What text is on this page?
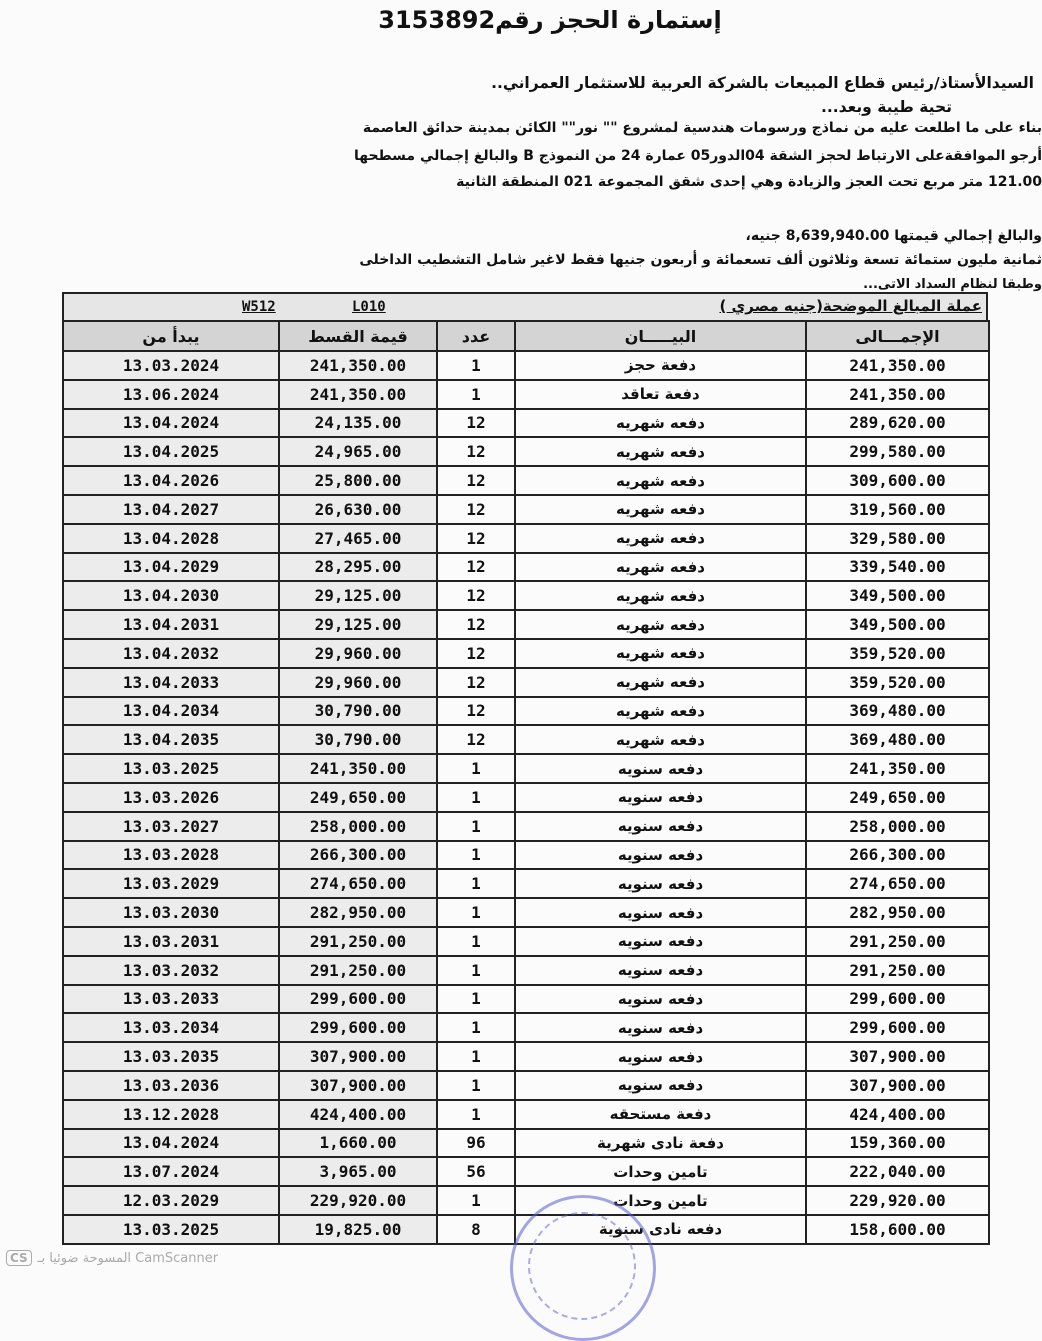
إستمارة الحجز رقم3153892
السيدالأستاذ/رئيس قطاع المبيعات بالشركة العربية للاستثمار العمراني..
تحية طيبة وبعد...
بناء على ما اطلعت عليه من نماذج ورسومات هندسية لمشروع "" نور"" الكائن بمدينة حدائق العاصمة
أرجو الموافقةعلى الارتباط لحجز الشقة 04الدور05 عمارة 24 من النموذج B والبالغ إجمالي مسطحها
121.00 متر مربع تحت العجز والزيادة وهي إحدى شقق المجموعة 021 المنطقة الثانية
والبالغ إجمالي قيمتها 8,639,940.00 جنيه،
ثمانية مليون ستمائة تسعة وثلاثون ألف تسعمائة و أربعون جنيها فقط لاغير شامل التشطيب الداخلى
وطبقا لنظام السداد الاتى...
W512	L010	عملة المبالغ الموضحة(جنيه مصري )
يبدأ من	قيمة القسط	عدد	البيـــــان	الإجمـــالى
13.03.2024	241,350.00	1	دفعة حجز	241,350.00
13.06.2024	241,350.00	1	دفعة تعاقد	241,350.00
13.04.2024	24,135.00	12	دفعه شهريه	289,620.00
13.04.2025	24,965.00	12	دفعه شهريه	299,580.00
13.04.2026	25,800.00	12	دفعه شهريه	309,600.00
13.04.2027	26,630.00	12	دفعه شهريه	319,560.00
13.04.2028	27,465.00	12	دفعه شهريه	329,580.00
13.04.2029	28,295.00	12	دفعه شهريه	339,540.00
13.04.2030	29,125.00	12	دفعه شهريه	349,500.00
13.04.2031	29,125.00	12	دفعه شهريه	349,500.00
13.04.2032	29,960.00	12	دفعه شهريه	359,520.00
13.04.2033	29,960.00	12	دفعه شهريه	359,520.00
13.04.2034	30,790.00	12	دفعه شهريه	369,480.00
13.04.2035	30,790.00	12	دفعه شهريه	369,480.00
13.03.2025	241,350.00	1	دفعه سنويه	241,350.00
13.03.2026	249,650.00	1	دفعه سنويه	249,650.00
13.03.2027	258,000.00	1	دفعه سنويه	258,000.00
13.03.2028	266,300.00	1	دفعه سنويه	266,300.00
13.03.2029	274,650.00	1	دفعه سنويه	274,650.00
13.03.2030	282,950.00	1	دفعه سنويه	282,950.00
13.03.2031	291,250.00	1	دفعه سنويه	291,250.00
13.03.2032	291,250.00	1	دفعه سنويه	291,250.00
13.03.2033	299,600.00	1	دفعه سنويه	299,600.00
13.03.2034	299,600.00	1	دفعه سنويه	299,600.00
13.03.2035	307,900.00	1	دفعه سنويه	307,900.00
13.03.2036	307,900.00	1	دفعه سنويه	307,900.00
13.12.2028	424,400.00	1	دفعة مستحقه	424,400.00
13.04.2024	1,660.00	96	دفعة نادى شهرية	159,360.00
13.07.2024	3,965.00	56	تامين وحدات	222,040.00
12.03.2029	229,920.00	1	تامين وحدات	229,920.00
13.03.2025	19,825.00	8	دفعه نادى سنوية	158,600.00
CS المسوحة ضوئيا بـ CamScanner
